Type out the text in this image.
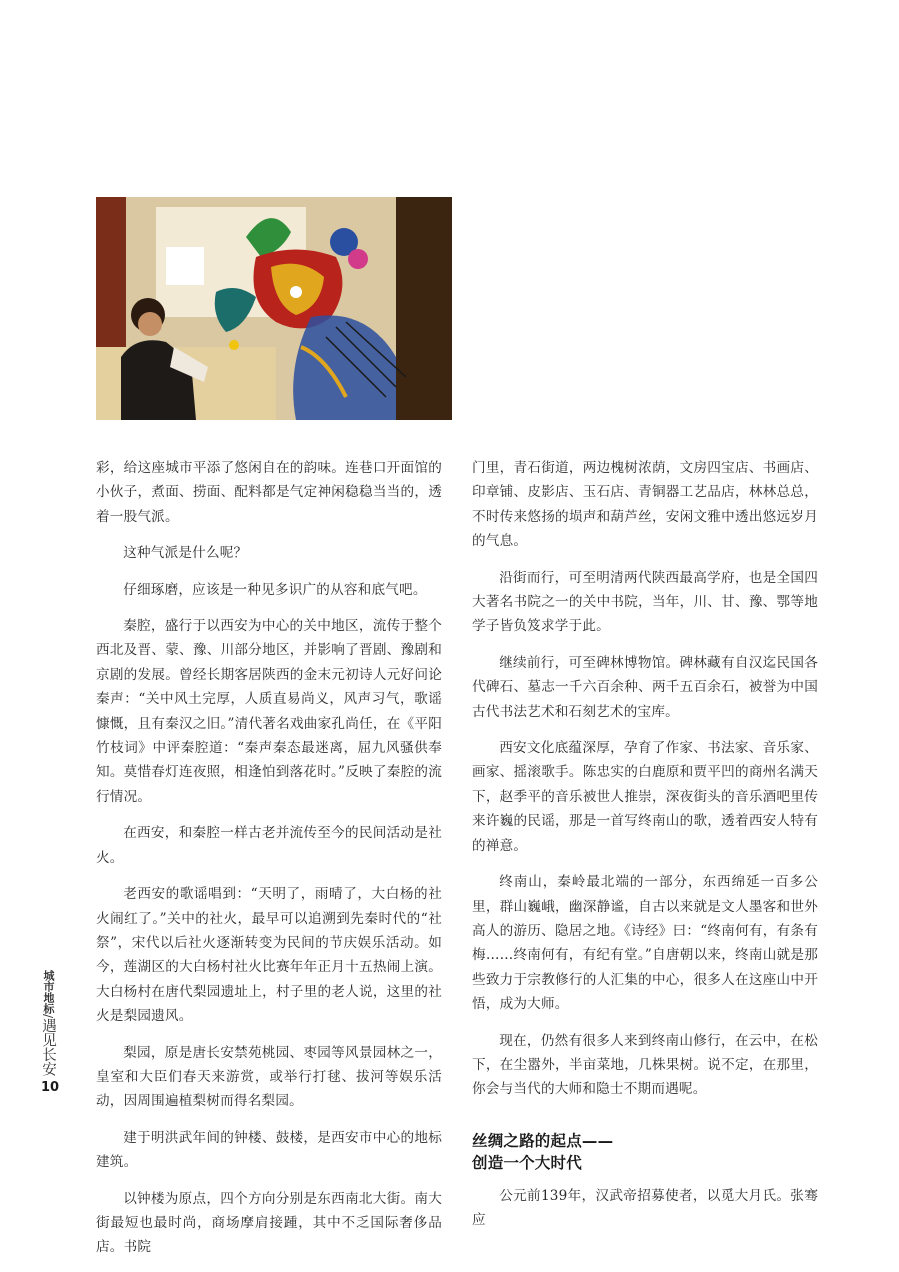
彩，给这座城市平添了悠闲自在的韵味。连巷口开面馆的小伙子，煮面、捞面、配料都是气定神闲稳稳当当的，透着一股气派。

这种气派是什么呢？

仔细琢磨，应该是一种见多识广的从容和底气吧。

秦腔，盛行于以西安为中心的关中地区，流传于整个西北及晋、蒙、豫、川部分地区，并影响了晋剧、豫剧和京剧的发展。曾经长期客居陕西的金末元初诗人元好问论秦声：“关中风土完厚，人质直易尚义，风声习气，歌谣慷慨，且有秦汉之旧。”清代著名戏曲家孔尚任，在《平阳竹枝词》中评秦腔道：“秦声秦态最迷离，屈九风骚供奉知。莫惜春灯连夜照，相逢怕到落花时。”反映了秦腔的流行情况。

在西安，和秦腔一样古老并流传至今的民间活动是社火。

老西安的歌谣唱到：“天明了，雨晴了，大白杨的社火闹红了。”关中的社火，最早可以追溯到先秦时代的“社祭”，宋代以后社火逐渐转变为民间的节庆娱乐活动。如今，莲湖区的大白杨村社火比赛年年正月十五热闹上演。大白杨村在唐代梨园遗址上，村子里的老人说，这里的社火是梨园遗风。

梨园，原是唐长安禁苑桃园、枣园等风景园林之一，皇室和大臣们春天来游赏，或举行打毬、拔河等娱乐活动，因周围遍植梨树而得名梨园。

建于明洪武年间的钟楼、鼓楼，是西安市中心的地标建筑。

以钟楼为原点，四个方向分别是东西南北大街。南大街最短也最时尚，商场摩肩接踵，其中不乏国际奢侈品店。书院

门里，青石街道，两边槐树浓荫，文房四宝店、书画店、印章铺、皮影店、玉石店、青铜器工艺品店，林林总总，不时传来悠扬的埙声和葫芦丝，安闲文雅中透出悠远岁月的气息。

沿街而行，可至明清两代陕西最高学府，也是全国四大著名书院之一的关中书院，当年，川、甘、豫、鄂等地学子皆负笈求学于此。

继续前行，可至碑林博物馆。碑林藏有自汉迄民国各代碑石、墓志一千六百余种、两千五百余石，被誉为中国古代书法艺术和石刻艺术的宝库。

西安文化底蕴深厚，孕育了作家、书法家、音乐家、画家、摇滚歌手。陈忠实的白鹿原和贾平凹的商州名满天下，赵季平的音乐被世人推崇，深夜街头的音乐酒吧里传来许巍的民谣，那是一首写终南山的歌，透着西安人特有的禅意。

终南山，秦岭最北端的一部分，东西绵延一百多公里，群山巍峨，幽深静谧，自古以来就是文人墨客和世外高人的游历、隐居之地。《诗经》曰：“终南何有，有条有梅……终南何有，有纪有堂。”自唐朝以来，终南山就是那些致力于宗教修行的人汇集的中心，很多人在这座山中开悟，成为大师。

现在，仍然有很多人来到终南山修行，在云中，在松下，在尘嚣外，半亩菜地，几株果树。说不定，在那里，你会与当代的大师和隐士不期而遇呢。

丝绸之路的起点——
创造一个大时代

公元前139年，汉武帝招募使者，以觅大月氏。张骞应

城市地标/遇见长安
10
